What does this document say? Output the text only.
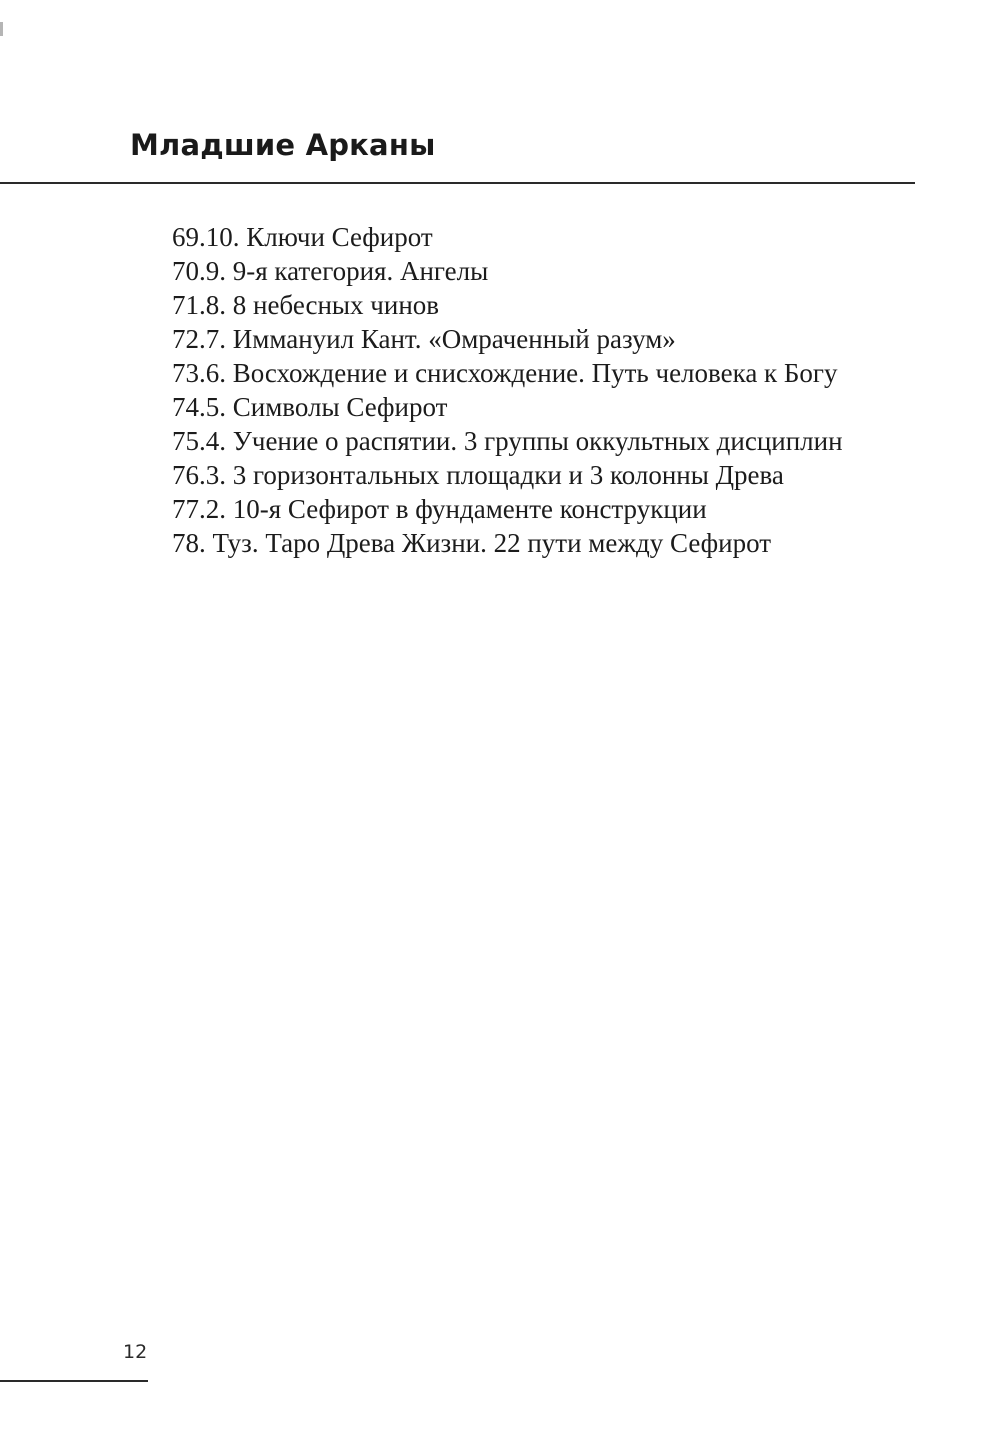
Младшие Арканы
69.10. Ключи Сефирот
70.9. 9-я категория. Ангелы
71.8. 8 небесных чинов
72.7. Иммануил Кант. «Омраченный разум»
73.6. Восхождение и снисхождение. Путь человека к Богу
74.5. Символы Сефирот
75.4. Учение о распятии. 3 группы оккультных дисциплин
76.3. 3 горизонтальных площадки и 3 колонны Древа
77.2. 10-я Сефирот в фундаменте конструкции
78. Туз. Таро Древа Жизни. 22 пути между Сефирот
12
